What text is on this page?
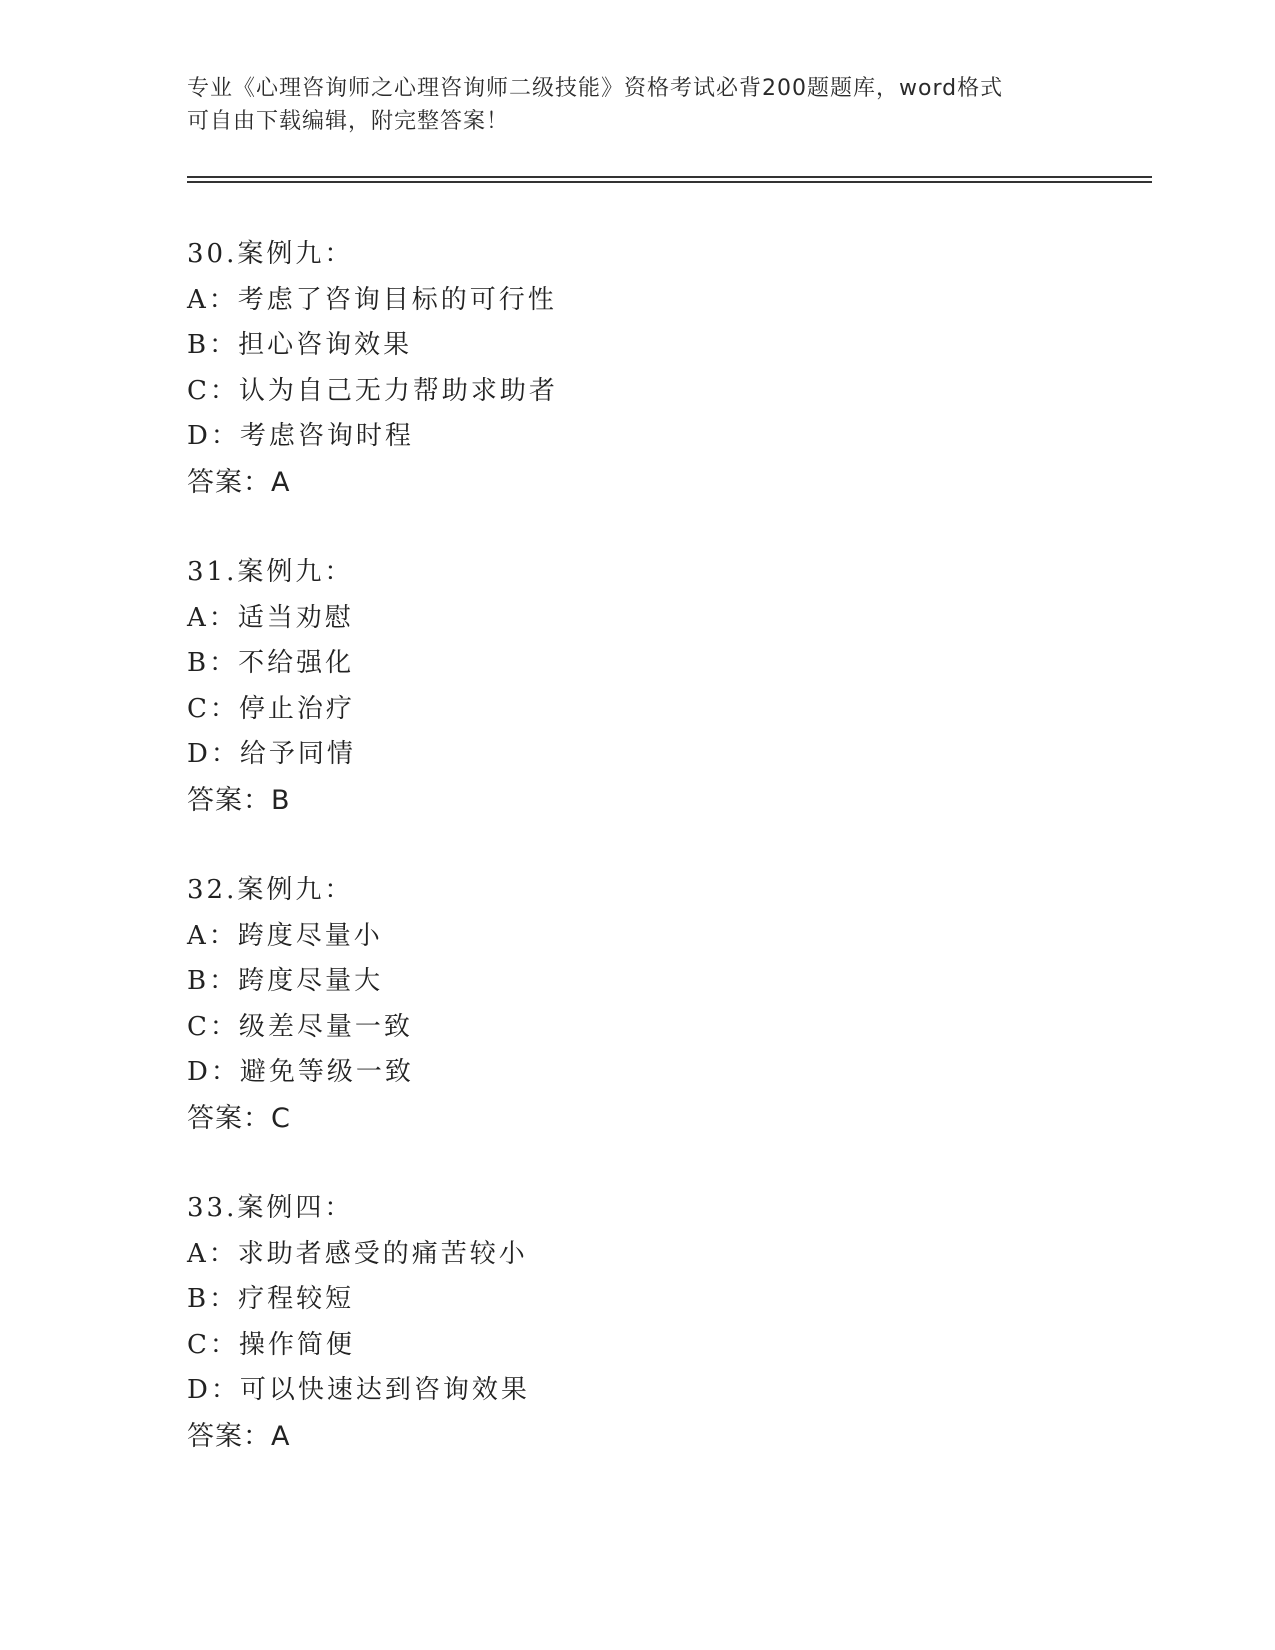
专业《心理咨询师之心理咨询师二级技能》资格考试必背200题题库，word格式
可自由下载编辑，附完整答案！
30.案例九：
A：考虑了咨询目标的可行性
B：担心咨询效果
C：认为自己无力帮助求助者
D：考虑咨询时程
答案：A
31.案例九：
A：适当劝慰
B：不给强化
C：停止治疗
D：给予同情
答案：B
32.案例九：
A：跨度尽量小
B：跨度尽量大
C：级差尽量一致
D：避免等级一致
答案：C
33.案例四：
A：求助者感受的痛苦较小
B：疗程较短
C：操作简便
D：可以快速达到咨询效果
答案：A
